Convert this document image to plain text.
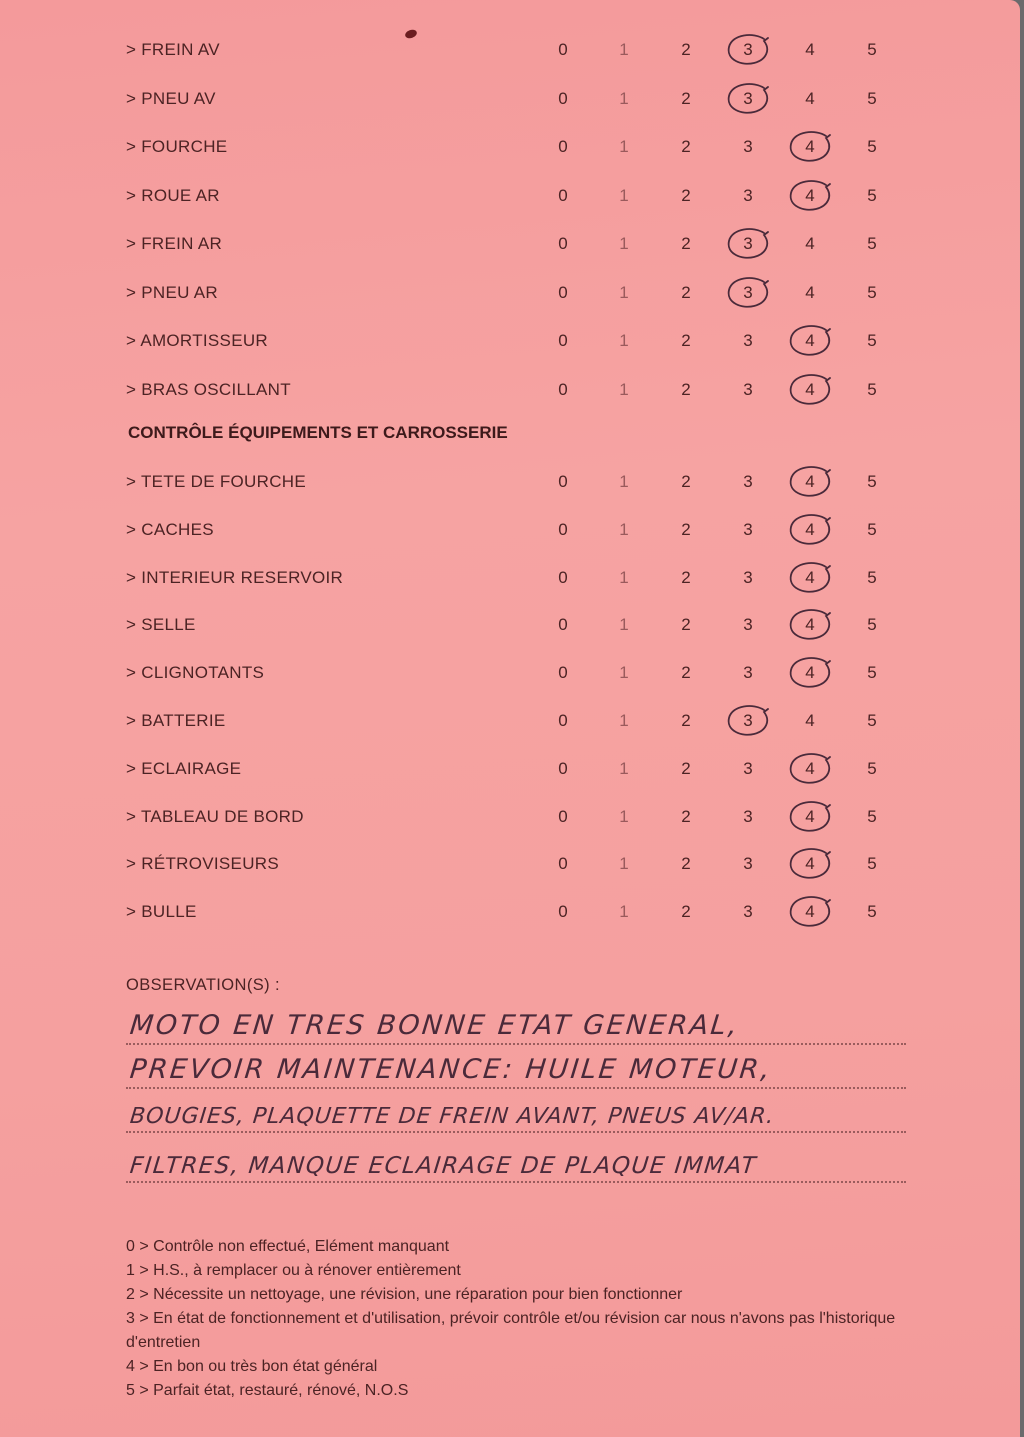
> FREIN AV	0	1	2	3	4	5
> PNEU AV	0	1	2	3	4	5
> FOURCHE	0	1	2	3	4	5
> ROUE AR	0	1	2	3	4	5
> FREIN AR	0	1	2	3	4	5
> PNEU AR	0	1	2	3	4	5
> AMORTISSEUR	0	1	2	3	4	5
> BRAS OSCILLANT	0	1	2	3	4	5
CONTRÔLE ÉQUIPEMENTS ET CARROSSERIE
> TETE DE FOURCHE	0	1	2	3	4	5
> CACHES	0	1	2	3	4	5
> INTERIEUR RESERVOIR	0	1	2	3	4	5
> SELLE	0	1	2	3	4	5
> CLIGNOTANTS	0	1	2	3	4	5
> BATTERIE	0	1	2	3	4	5
> ECLAIRAGE	0	1	2	3	4	5
> TABLEAU DE BORD	0	1	2	3	4	5
> RÉTROVISEURS	0	1	2	3	4	5
> BULLE	0	1	2	3	4	5
OBSERVATION(S) :
MOTO EN TRES BONNE ETAT GENERAL,
PREVOIR MAINTENANCE: HUILE MOTEUR,
BOUGIES, PLAQUETTE DE FREIN AVANT, PNEUS AV/AR.
FILTRES, MANQUE ECLAIRAGE DE PLAQUE IMMAT
0 > Contrôle non effectué, Elément manquant
1 > H.S., à remplacer ou à rénover entièrement
2 > Nécessite un nettoyage, une révision, une réparation pour bien fonctionner
3 > En état de fonctionnement et d'utilisation, prévoir contrôle et/ou révision car nous n'avons pas l'historique d'entretien
4 > En bon ou très bon état général
5 > Parfait état, restauré, rénové, N.O.S
